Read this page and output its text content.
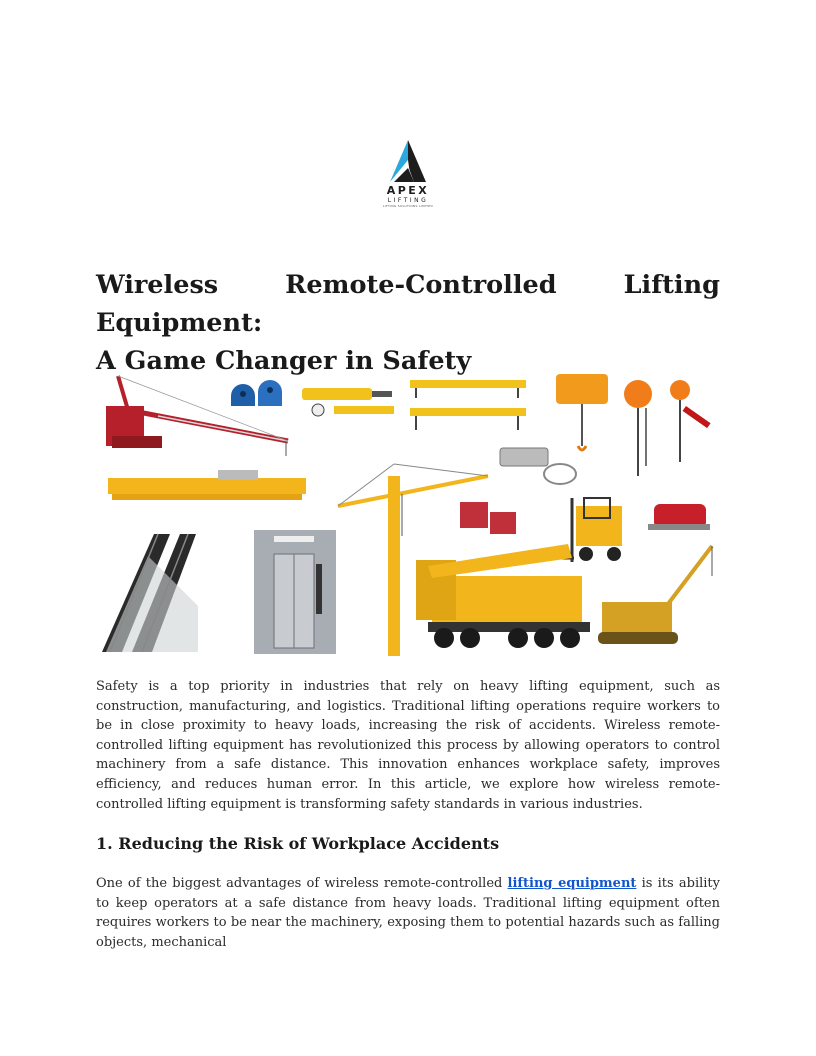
APEX
LIFTING
LIFTING SOLUTIONS LIMITED
Wireless Remote-Controlled Lifting Equipment:
A Game Changer in Safety

Safety is a top priority in industries that rely on heavy lifting equipment, such as construction, manufacturing, and logistics. Traditional lifting operations require workers to be in close proximity to heavy loads, increasing the risk of accidents. Wireless remote-controlled lifting equipment has revolutionized this process by allowing operators to control machinery from a safe distance. This innovation enhances workplace safety, improves efficiency, and reduces human error. In this article, we explore how wireless remote-controlled lifting equipment is transforming safety standards in various industries.

1. Reducing the Risk of Workplace Accidents

One of the biggest advantages of wireless remote-controlled lifting equipment is its ability to keep operators at a safe distance from heavy loads. Traditional lifting equipment often requires workers to be near the machinery, exposing them to potential hazards such as falling objects, mechanical
